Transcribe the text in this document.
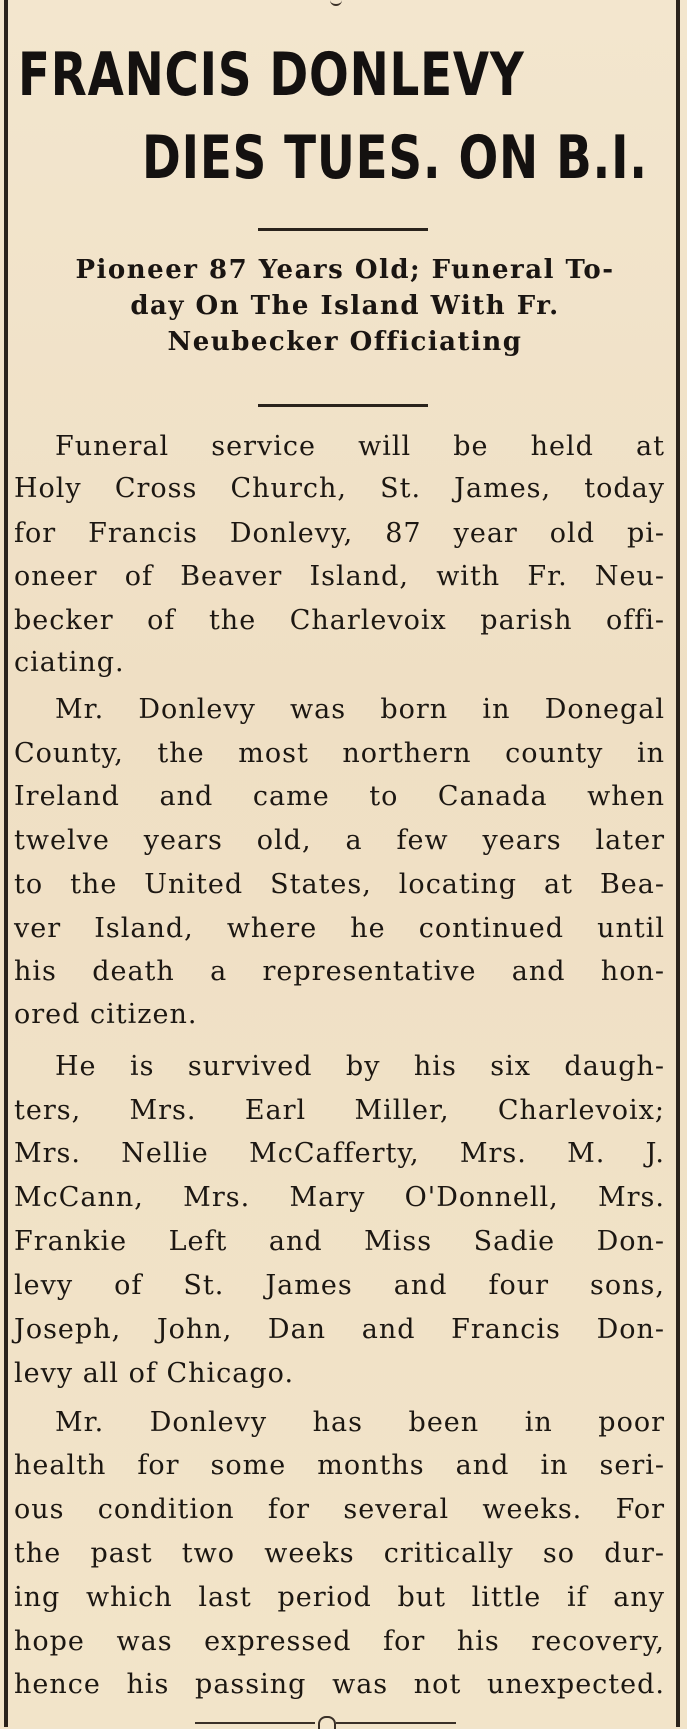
FRANCIS DONLEVY
DIES TUES. ON B.I.
Pioneer 87 Years Old; Funeral To-
day On The Island With Fr.
Neubecker Officiating
Funeral service will be held at
Holy Cross Church, St. James, today
for Francis Donlevy, 87 year old pi-
oneer of Beaver Island, with Fr. Neu-
becker of the Charlevoix parish offi-
ciating.
Mr. Donlevy was born in Donegal
County, the most northern county in
Ireland and came to Canada when
twelve years old, a few years later
to the United States, locating at Bea-
ver Island, where he continued until
his death a representative and hon-
ored citizen.
He is survived by his six daugh-
ters, Mrs. Earl Miller, Charlevoix;
Mrs. Nellie McCafferty, Mrs. M. J.
McCann, Mrs. Mary O'Donnell, Mrs.
Frankie Left and Miss Sadie Don-
levy of St. James and four sons,
Joseph, John, Dan and Francis Don-
levy all of Chicago.
Mr. Donlevy has been in poor
health for some months and in seri-
ous condition for several weeks. For
the past two weeks critically so dur-
ing which last period but little if any
hope was expressed for his recovery,
hence his passing was not unexpected.
